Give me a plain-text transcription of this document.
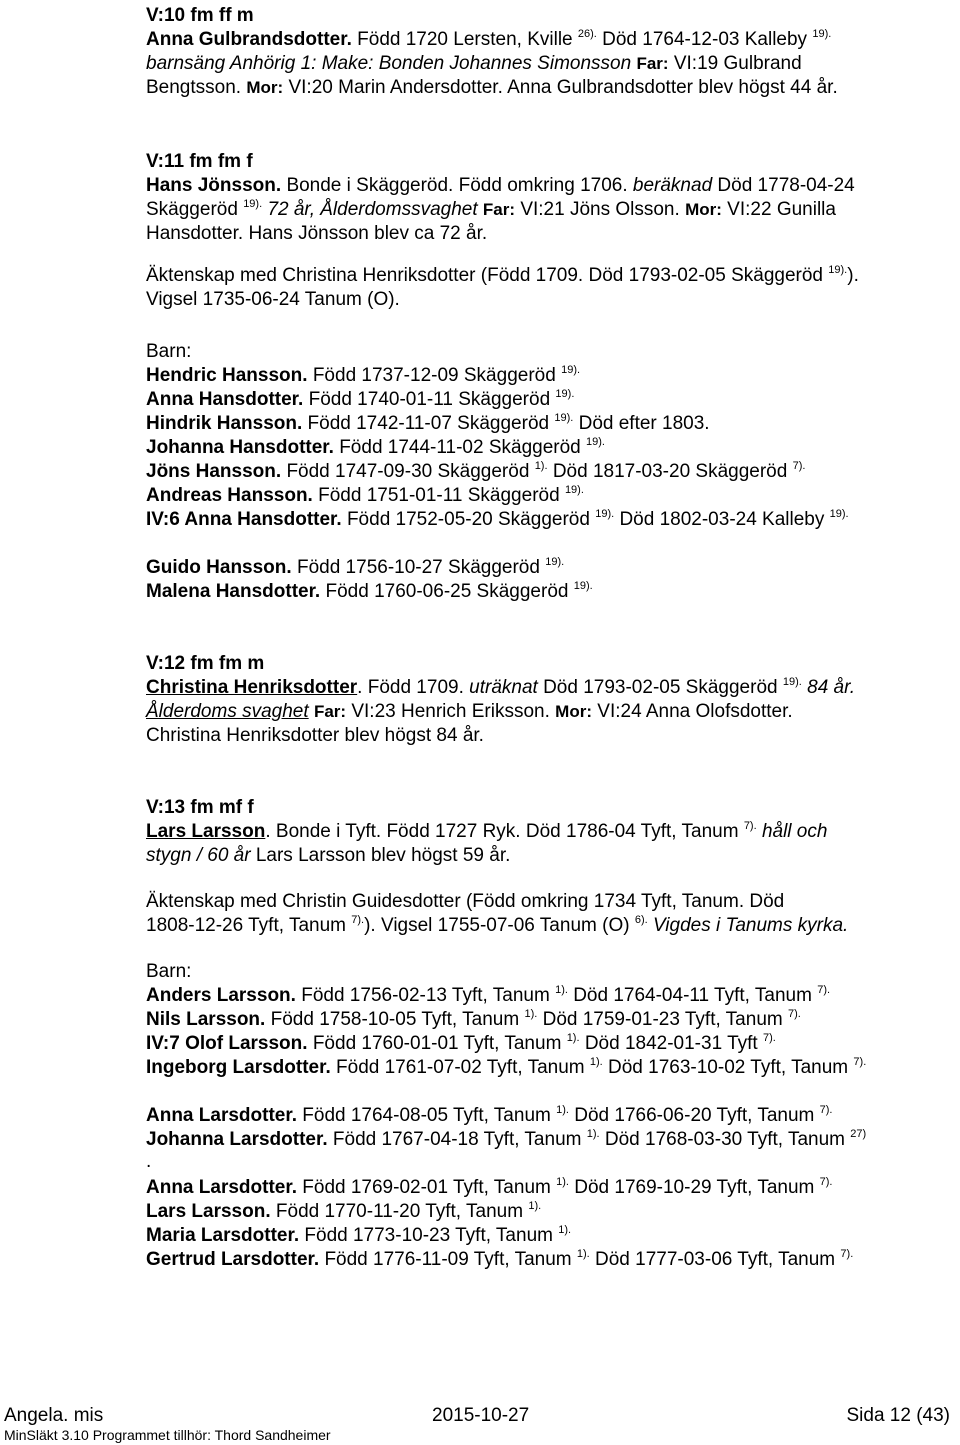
V:10 fm ff m
Anna Gulbrandsdotter. Född 1720 Lersten, Kville $^{26).}$ Död 1764-12-03 Kalleby $^{19).}$
barnsäng Anhörig 1: Make: Bonden Johannes Simonsson Far: VI:19 Gulbrand
Bengtsson. Mor: VI:20 Marin Andersdotter. Anna Gulbrandsdotter blev högst 44 år.
V:11 fm fm f
Hans Jönsson. Bonde i Skäggeröd. Född omkring 1706. beräknad Död 1778-04-24
Skäggeröd $^{19).}$ 72 år, Ålderdomssvaghet Far: VI:21 Jöns Olsson. Mor: VI:22 Gunilla
Hansdotter. Hans Jönsson blev ca 72 år.
Äktenskap med Christina Henriksdotter (Född 1709. Död 1793-02-05 Skäggeröd $^{19).}$).
Vigsel 1735-06-24 Tanum (O).
Barn:
Hendric Hansson. Född 1737-12-09 Skäggeröd $^{19).}$
Anna Hansdotter. Född 1740-01-11 Skäggeröd $^{19).}$
Hindrik Hansson. Född 1742-11-07 Skäggeröd $^{19).}$ Död efter 1803.
Johanna Hansdotter. Född 1744-11-02 Skäggeröd $^{19).}$
Jöns Hansson. Född 1747-09-30 Skäggeröd $^{1).}$ Död 1817-03-20 Skäggeröd $^{7).}$
Andreas Hansson. Född 1751-01-11 Skäggeröd $^{19).}$
IV:6 Anna Hansdotter. Född 1752-05-20 Skäggeröd $^{19).}$ Död 1802-03-24 Kalleby $^{19).}$
Guido Hansson. Född 1756-10-27 Skäggeröd $^{19).}$
Malena Hansdotter. Född 1760-06-25 Skäggeröd $^{19).}$
V:12 fm fm m
Christina Henriksdotter. Född 1709. uträknat Död 1793-02-05 Skäggeröd $^{19).}$ 84 år.
Ålderdoms svaghet Far: VI:23 Henrich Eriksson. Mor: VI:24 Anna Olofsdotter.
Christina Henriksdotter blev högst 84 år.
V:13 fm mf f
Lars Larsson. Bonde i Tyft. Född 1727 Ryk. Död 1786-04 Tyft, Tanum $^{7).}$ håll och
stygn / 60 år Lars Larsson blev högst 59 år.
Äktenskap med Christin Guidesdotter (Född omkring 1734 Tyft, Tanum. Död
1808-12-26 Tyft, Tanum $^{7).}$). Vigsel 1755-07-06 Tanum (O) $^{6).}$ Vigdes i Tanums kyrka.
Barn:
Anders Larsson. Född 1756-02-13 Tyft, Tanum $^{1).}$ Död 1764-04-11 Tyft, Tanum $^{7).}$
Nils Larsson. Född 1758-10-05 Tyft, Tanum $^{1).}$ Död 1759-01-23 Tyft, Tanum $^{7).}$
IV:7 Olof Larsson. Född 1760-01-01 Tyft, Tanum $^{1).}$ Död 1842-01-31 Tyft $^{7).}$
Ingeborg Larsdotter. Född 1761-07-02 Tyft, Tanum $^{1).}$ Död 1763-10-02 Tyft, Tanum $^{7).}$
Anna Larsdotter. Född 1764-08-05 Tyft, Tanum $^{1).}$ Död 1766-06-20 Tyft, Tanum $^{7).}$
Johanna Larsdotter. Född 1767-04-18 Tyft, Tanum $^{1).}$ Död 1768-03-30 Tyft, Tanum $^{27)}$
.
Anna Larsdotter. Född 1769-02-01 Tyft, Tanum $^{1).}$ Död 1769-10-29 Tyft, Tanum $^{7).}$
Lars Larsson. Född 1770-11-20 Tyft, Tanum $^{1).}$
Maria Larsdotter. Född 1773-10-23 Tyft, Tanum $^{1).}$
Gertrud Larsdotter. Född 1776-11-09 Tyft, Tanum $^{1).}$ Död 1777-03-06 Tyft, Tanum $^{7).}$
Angela. mis	2015-10-27	Sida 12 (43)
MinSläkt 3.10 Programmet tillhör: Thord Sandheimer
